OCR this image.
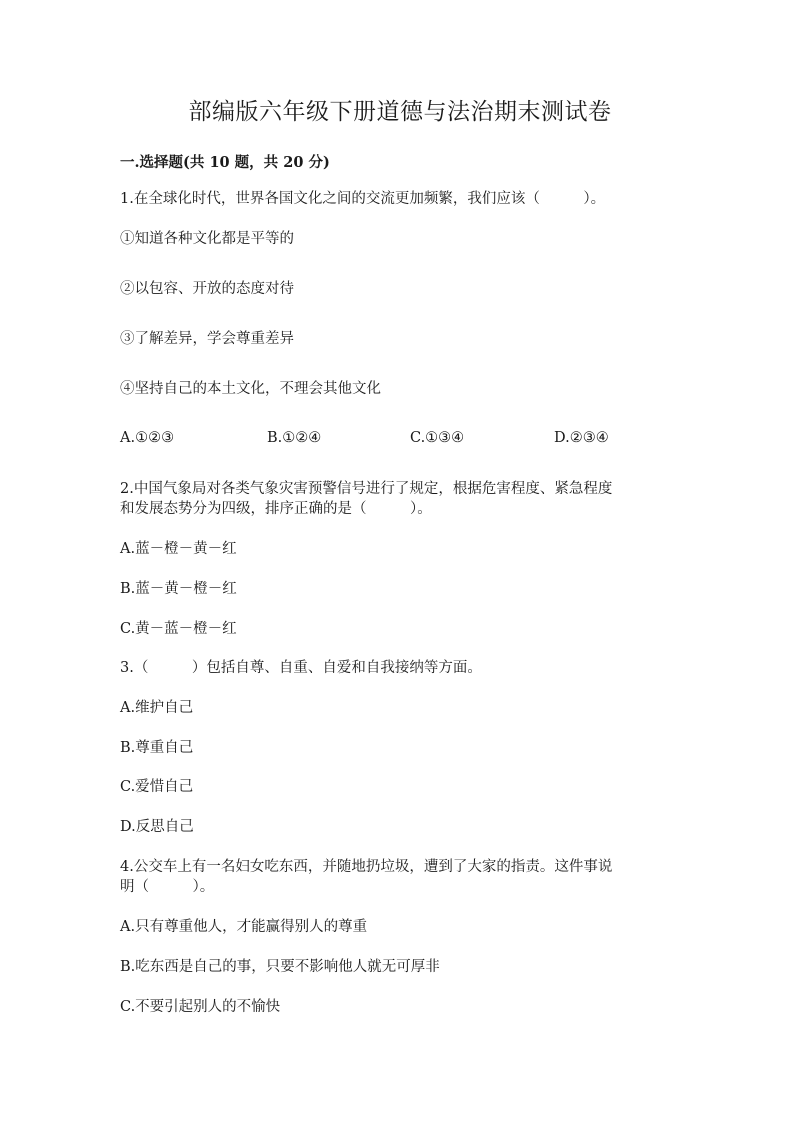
部编版六年级下册道德与法治期末测试卷
一.选择题(共 10 题，共 20 分)
1.在全球化时代，世界各国文化之间的交流更加频繁，我们应该（　　　）。
①知道各种文化都是平等的
②以包容、开放的态度对待
③了解差异，学会尊重差异
④坚持自己的本土文化，不理会其他文化
A.①②③	B.①②④	C.①③④	D.②③④
2.中国气象局对各类气象灾害预警信号进行了规定，根据危害程度、紧急程度
和发展态势分为四级，排序正确的是（　　　）。
A.蓝－橙－黄－红
B.蓝－黄－橙－红
C.黄－蓝－橙－红
3.（　　　）包括自尊、自重、自爱和自我接纳等方面。
A.维护自己
B.尊重自己
C.爱惜自己
D.反思自己
4.公交车上有一名妇女吃东西，并随地扔垃圾，遭到了大家的指责。这件事说
明（　　　）。
A.只有尊重他人，才能赢得别人的尊重
B.吃东西是自己的事，只要不影响他人就无可厚非
C.不要引起别人的不愉快
